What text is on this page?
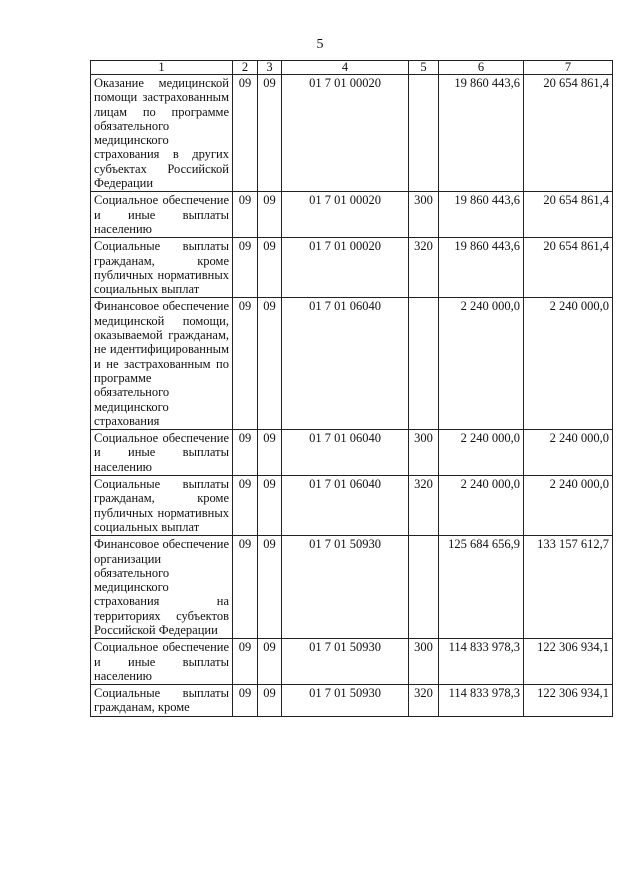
5
1	2	3	4	5	6	7
Оказание медицинской помощи застрахованным лицам по программе обязательного медицинского страхования в других субъектах Российской Федерации	09	09	01 7 01 00020		19 860 443,6	20 654 861,4
Социальное обеспечение и иные выплаты населению	09	09	01 7 01 00020	300	19 860 443,6	20 654 861,4
Социальные выплаты гражданам, кроме публичных нормативных социальных выплат	09	09	01 7 01 00020	320	19 860 443,6	20 654 861,4
Финансовое обеспечение медицинской помощи, оказываемой гражданам, не идентифицированным и не застрахованным по программе обязательного медицинского страхования	09	09	01 7 01 06040		2 240 000,0	2 240 000,0
Социальное обеспечение и иные выплаты населению	09	09	01 7 01 06040	300	2 240 000,0	2 240 000,0
Социальные выплаты гражданам, кроме публичных нормативных социальных выплат	09	09	01 7 01 06040	320	2 240 000,0	2 240 000,0
Финансовое обеспечение организации обязательного медицинского страхования на территориях субъектов Российской Федерации	09	09	01 7 01 50930		125 684 656,9	133 157 612,7
Социальное обеспечение и иные выплаты населению	09	09	01 7 01 50930	300	114 833 978,3	122 306 934,1
Социальные выплаты гражданам, кроме	09	09	01 7 01 50930	320	114 833 978,3	122 306 934,1
